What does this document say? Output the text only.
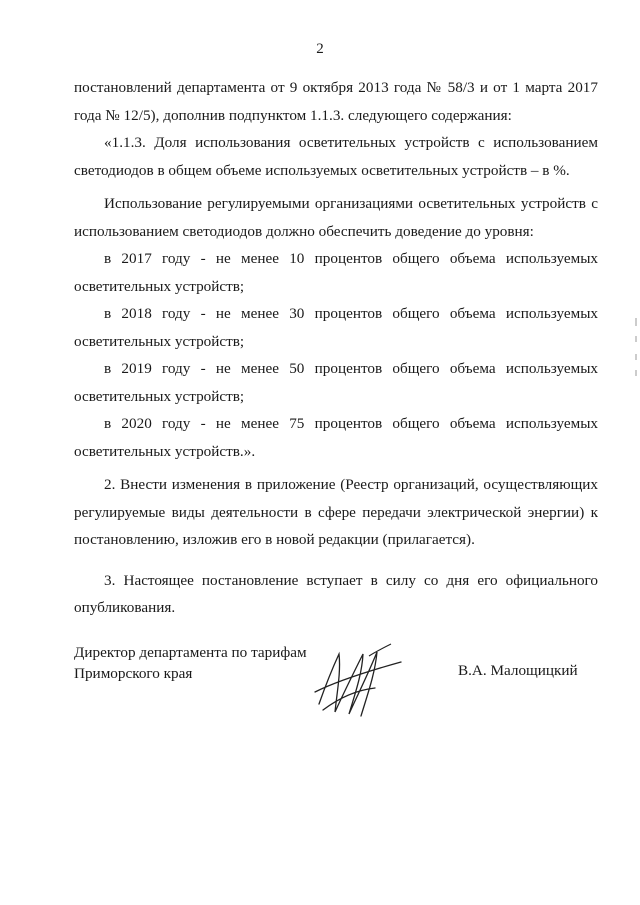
2

постановлений департамента от 9 октября 2013 года № 58/3 и от 1 марта 2017 года № 12/5), дополнив подпунктом 1.1.3. следующего содержания:

«1.1.3. Доля использования осветительных устройств с использованием светодиодов в общем объеме используемых осветительных устройств – в %.

Использование регулируемыми организациями осветительных устройств с использованием светодиодов должно обеспечить доведение до уровня:

в 2017 году - не менее 10 процентов общего объема используемых осветительных устройств;

в 2018 году - не менее 30 процентов общего объема используемых осветительных устройств;

в 2019 году - не менее 50 процентов общего объема используемых осветительных устройств;

в 2020 году - не менее 75 процентов общего объема используемых осветительных устройств.».

2. Внести изменения в приложение (Реестр организаций, осуществляющих регулируемые виды деятельности в сфере передачи электрической энергии) к постановлению, изложив его в новой редакции (прилагается).

3. Настоящее постановление вступает в силу со дня его официального опубликования.

Директор департамента по тарифам
Приморского края	В.А. Малощицкий
